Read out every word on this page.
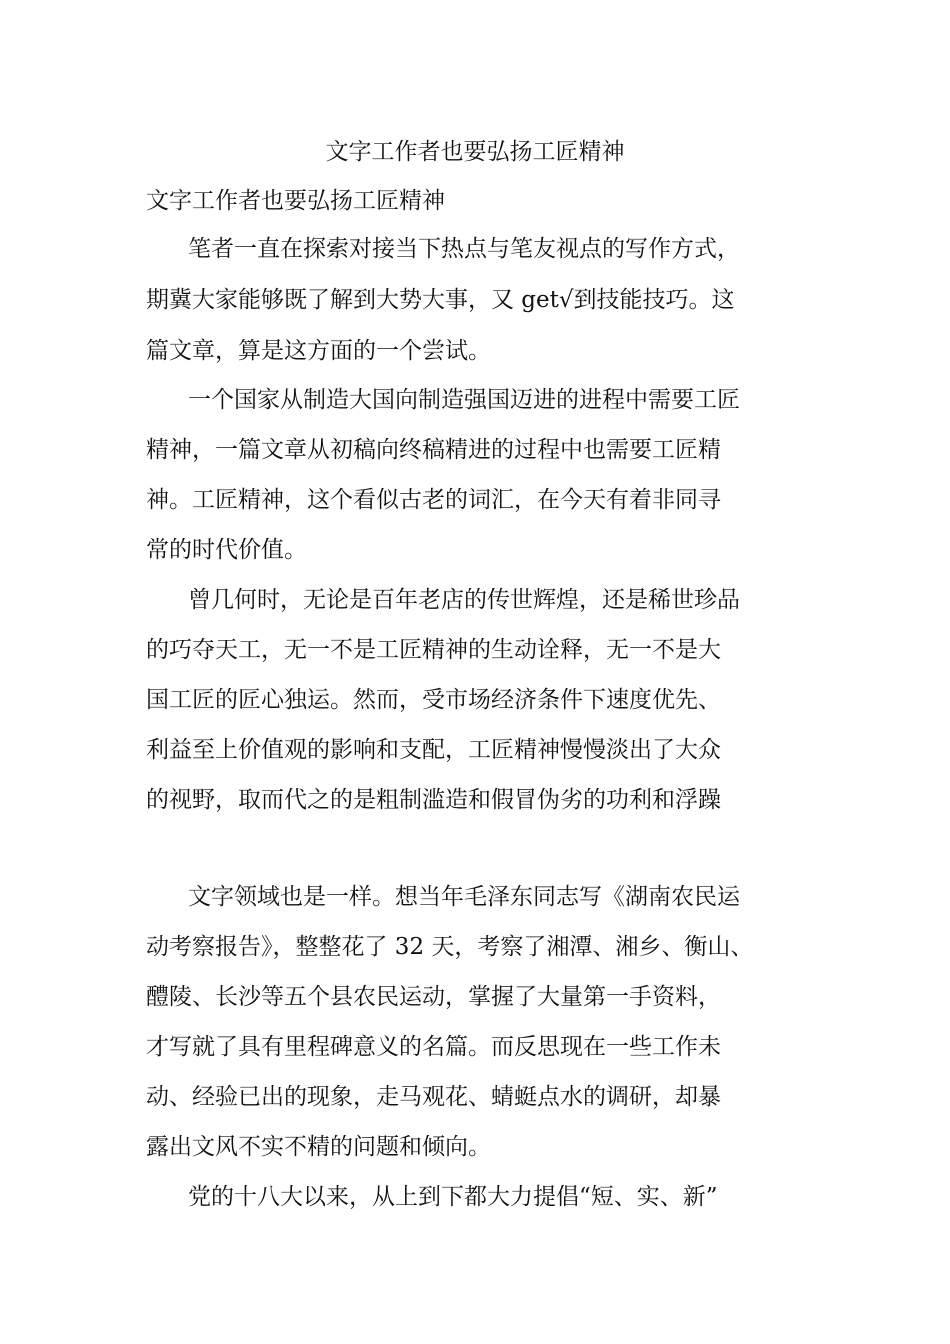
文字工作者也要弘扬工匠精神
文字工作者也要弘扬工匠精神
笔者一直在探索对接当下热点与笔友视点的写作方式，
期冀大家能够既了解到大势大事，又 get√到技能技巧。这
篇文章，算是这方面的一个尝试。
一个国家从制造大国向制造强国迈进的进程中需要工匠
精神，一篇文章从初稿向终稿精进的过程中也需要工匠精
神。工匠精神，这个看似古老的词汇，在今天有着非同寻
常的时代价值。
曾几何时，无论是百年老店的传世辉煌，还是稀世珍品
的巧夺天工，无一不是工匠精神的生动诠释，无一不是大
国工匠的匠心独运。然而，受市场经济条件下速度优先、
利益至上价值观的影响和支配，工匠精神慢慢淡出了大众
的视野，取而代之的是粗制滥造和假冒伪劣的功利和浮躁
文字领域也是一样。想当年毛泽东同志写《湖南农民运
动考察报告》，整整花了 32 天，考察了湘潭、湘乡、衡山、
醴陵、长沙等五个县农民运动，掌握了大量第一手资料，
才写就了具有里程碑意义的名篇。而反思现在一些工作未
动、经验已出的现象，走马观花、蜻蜓点水的调研，却暴
露出文风不实不精的问题和倾向。
党的十八大以来，从上到下都大力提倡“短、实、新”
